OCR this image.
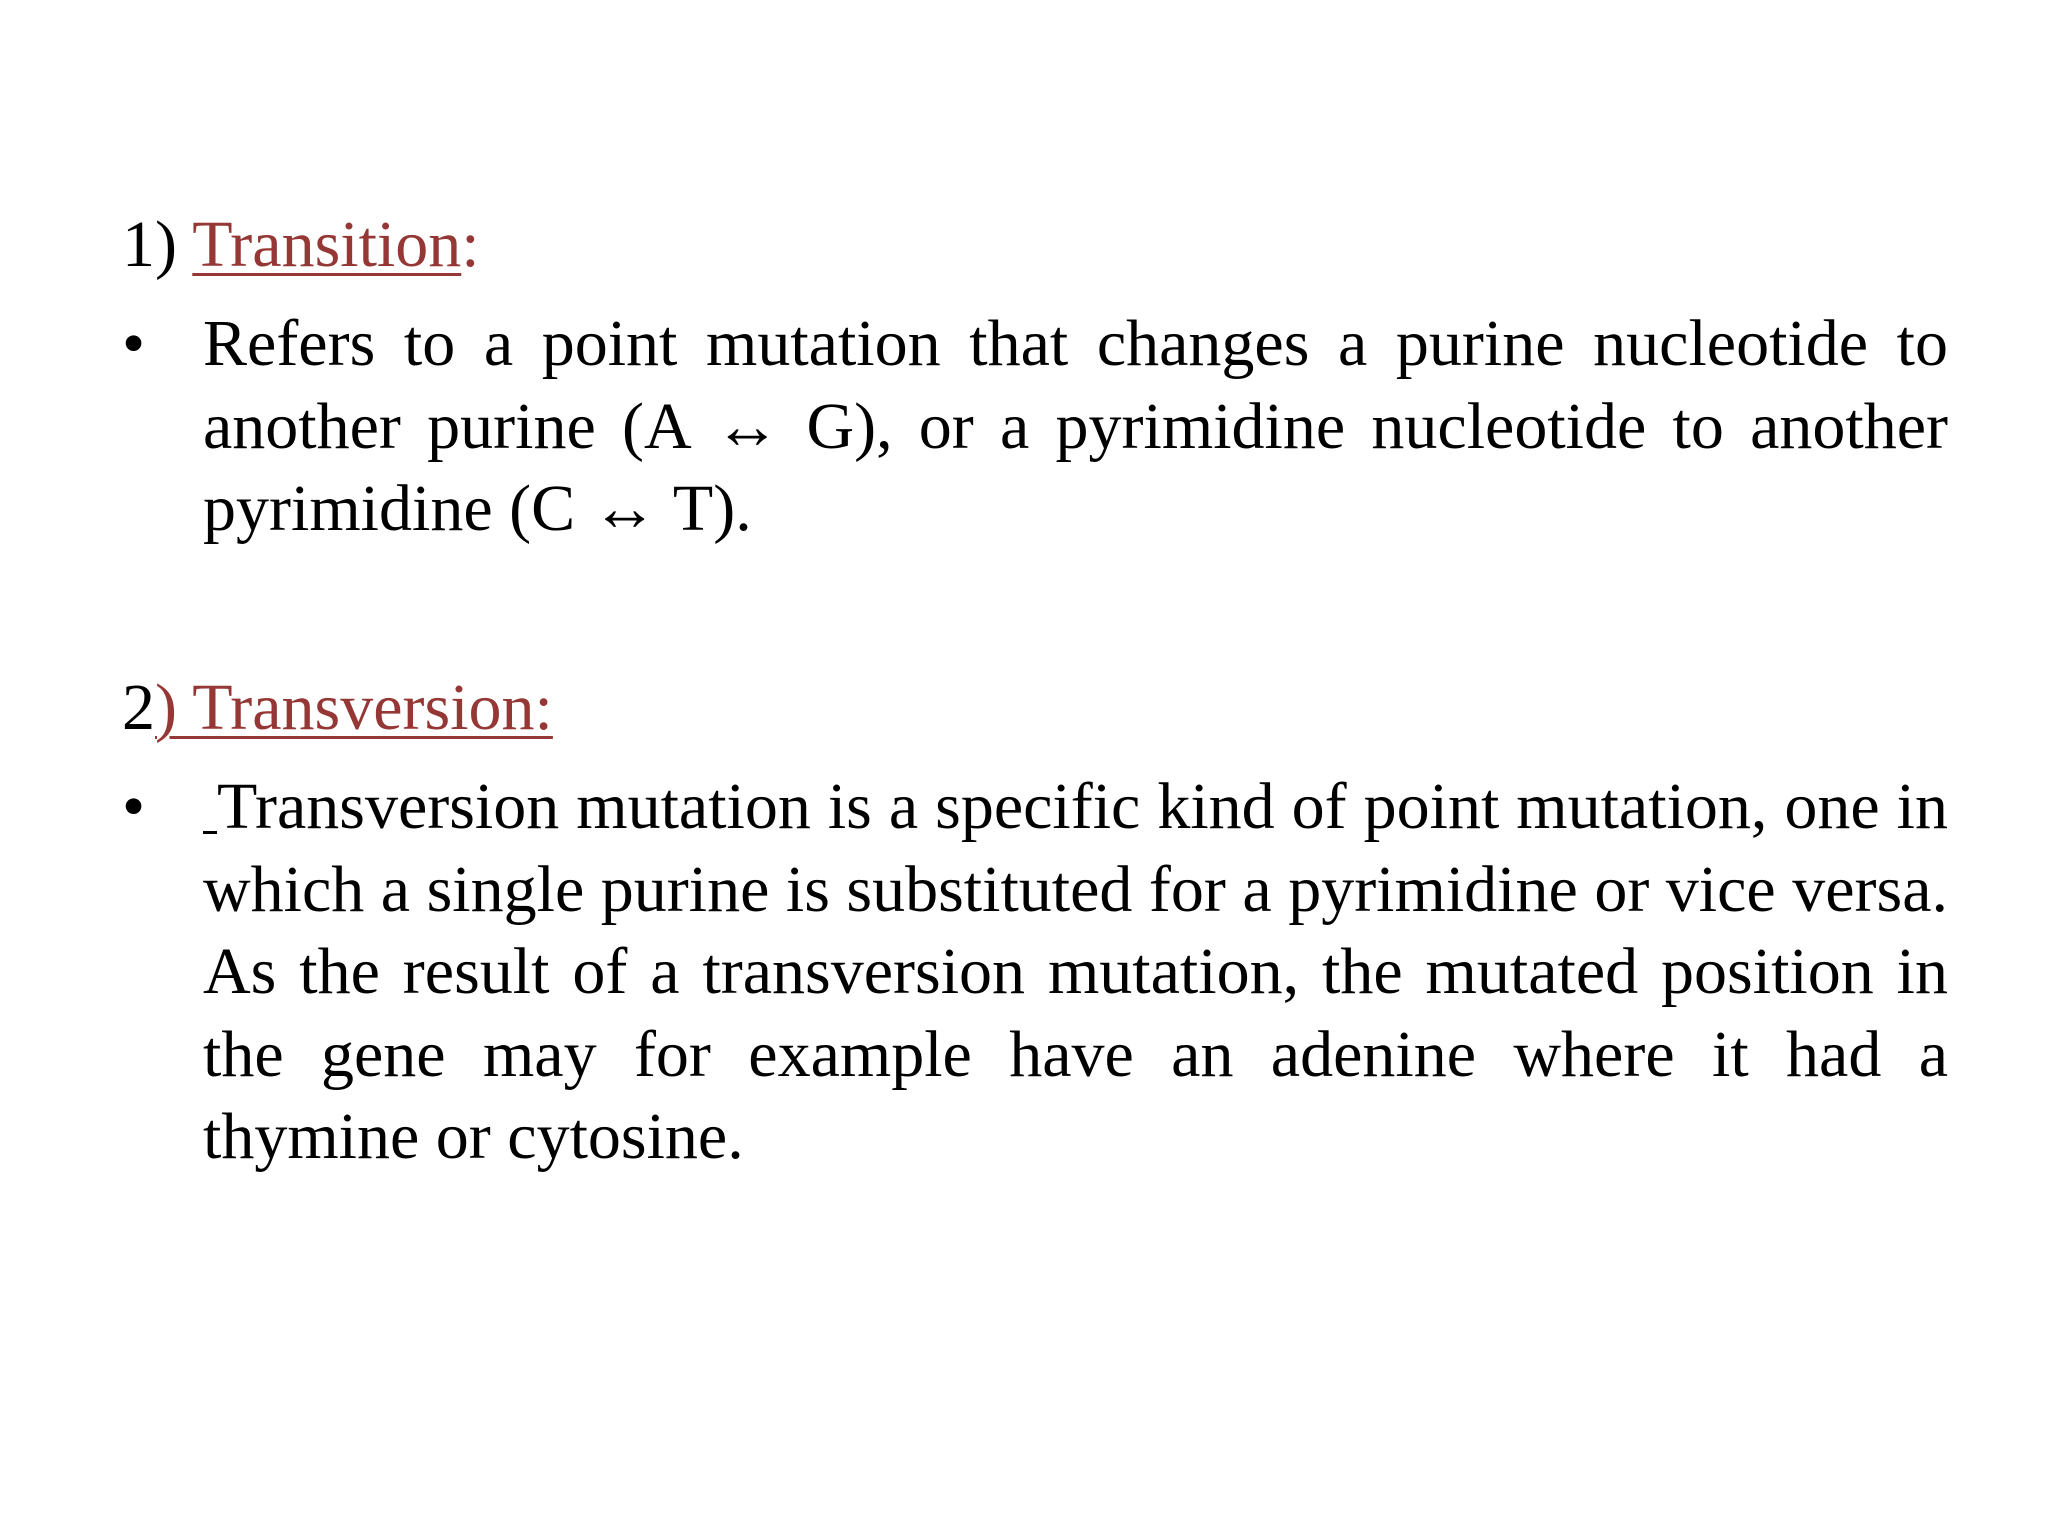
1) Transition:
• Refers to a point mutation that changes a purine nucleotide to another purine (A ↔ G), or a pyrimidine nucleotide to another pyrimidine (C ↔ T).
2) Transversion:
• Transversion mutation is a specific kind of point mutation, one in which a single purine is substituted for a pyrimidine or vice versa. As the result of a transversion mutation, the mutated position in the gene may for example have an adenine where it had a thymine or cytosine.
